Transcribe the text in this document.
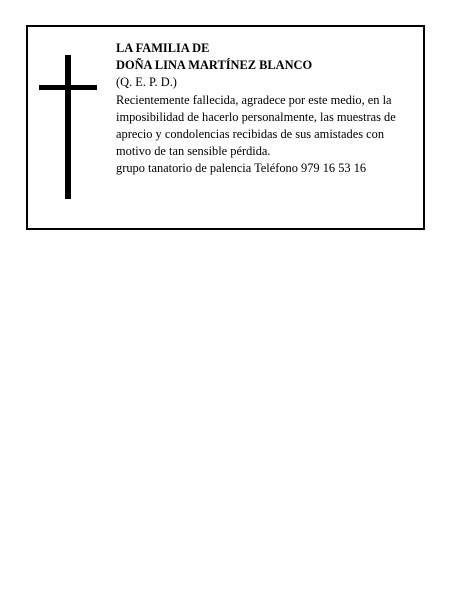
LA FAMILIA DE
DOÑA LINA MARTÍNEZ BLANCO
(Q. E. P. D.)
Recientemente fallecida, agradece por este medio, en la imposibilidad de hacerlo personalmente, las muestras de aprecio y condolencias recibidas de sus amistades con motivo de tan sensible pérdida.
grupo tanatorio de palencia Teléfono 979 16 53 16
